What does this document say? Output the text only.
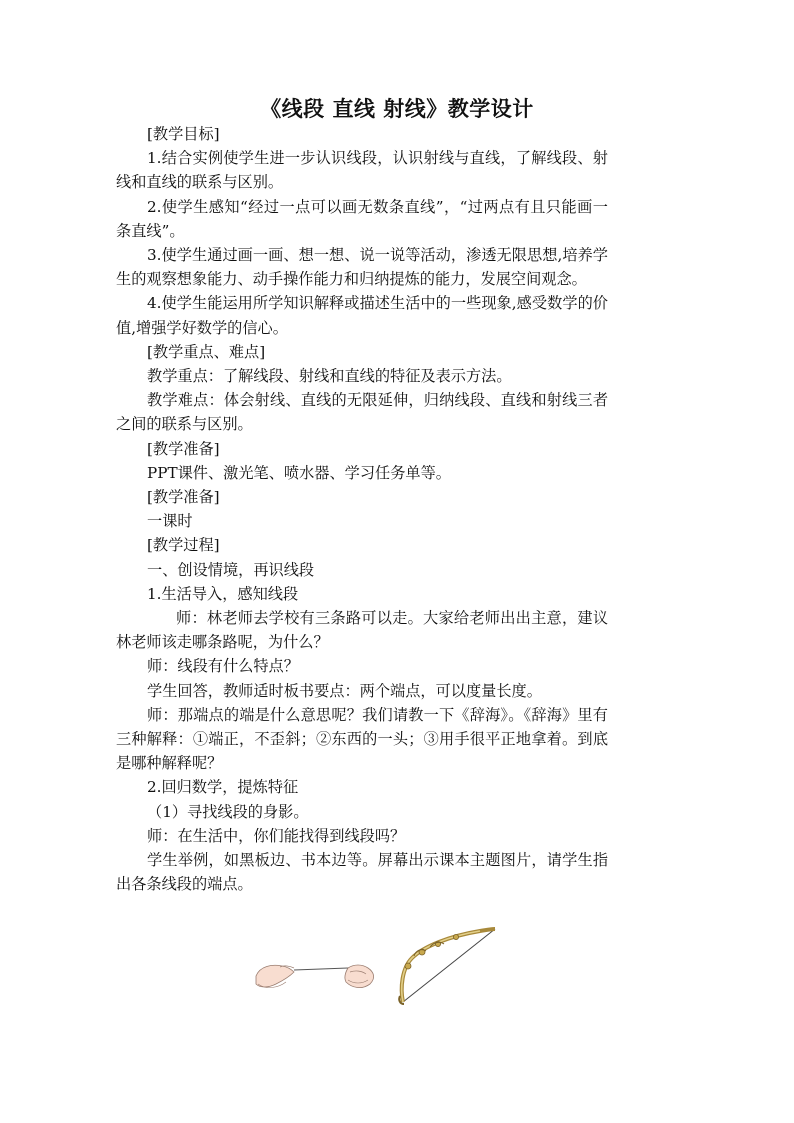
《线段 直线 射线》教学设计

[教学目标]

1.结合实例使学生进一步认识线段，认识射线与直线，了解线段、射线和直线的联系与区别。

2.使学生感知“经过一点可以画无数条直线”，“过两点有且只能画一条直线”。

3.使学生通过画一画、想一想、说一说等活动，渗透无限思想,培养学生的观察想象能力、动手操作能力和归纳提炼的能力，发展空间观念。

4.使学生能运用所学知识解释或描述生活中的一些现象,感受数学的价值,增强学好数学的信心。

[教学重点、难点]

教学重点：了解线段、射线和直线的特征及表示方法。

教学难点：体会射线、直线的无限延伸，归纳线段、直线和射线三者之间的联系与区别。

[教学准备]

PPT课件、激光笔、喷水器、学习任务单等。

[教学准备]

一课时

[教学过程]

一、创设情境，再识线段

1.生活导入，感知线段

师：林老师去学校有三条路可以走。大家给老师出出主意，建议林老师该走哪条路呢，为什么？

师：线段有什么特点？

学生回答，教师适时板书要点：两个端点，可以度量长度。

师：那端点的端是什么意思呢？我们请教一下《辞海》。《辞海》里有三种解释：①端正，不歪斜；②东西的一头；③用手很平正地拿着。到底是哪种解释呢？

2.回归数学，提炼特征

（1）寻找线段的身影。

师：在生活中，你们能找得到线段吗？

学生举例，如黑板边、书本边等。屏幕出示课本主题图片，请学生指出各条线段的端点。
